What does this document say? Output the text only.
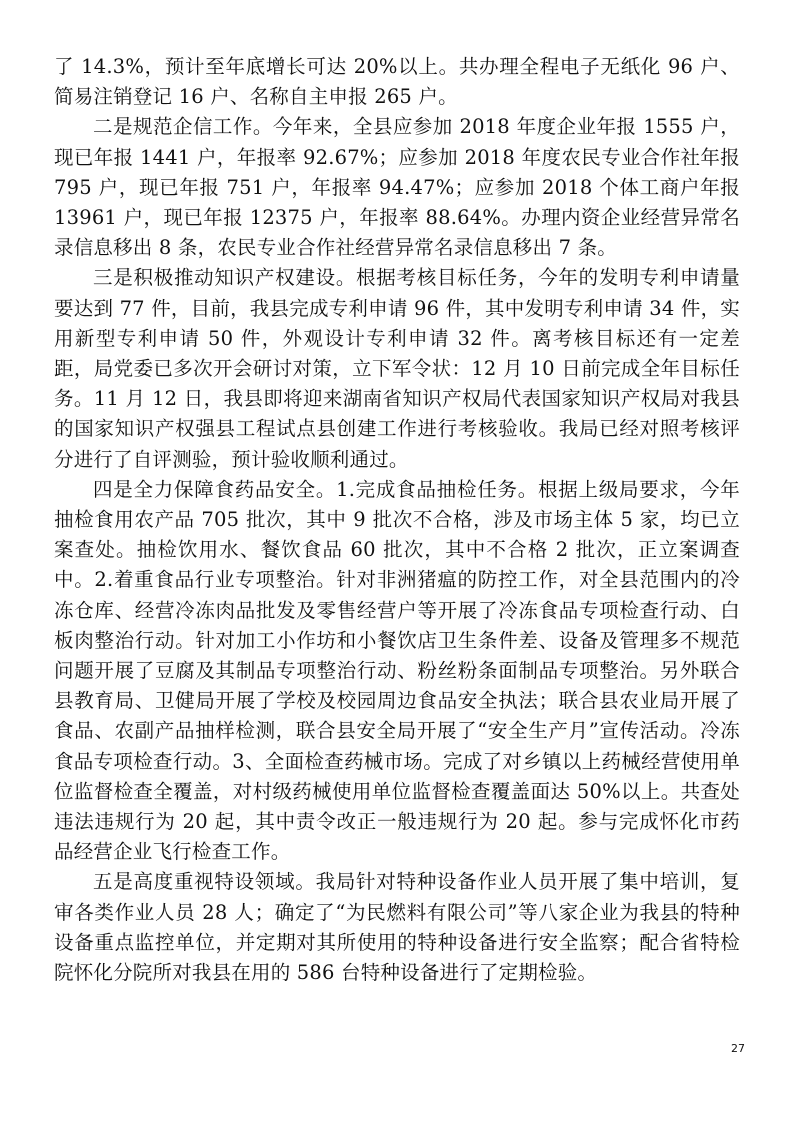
了 14.3%，预计至年底增长可达 20%以上。共办理全程电子无纸化 96 户、简易注销登记 16 户、名称自主申报 265 户。

二是规范企信工作。今年来，全县应参加 2018 年度企业年报 1555 户，现已年报 1441 户，年报率 92.67%；应参加 2018 年度农民专业合作社年报 795 户，现已年报 751 户，年报率 94.47%；应参加 2018 个体工商户年报 13961 户，现已年报 12375 户，年报率 88.64%。办理内资企业经营异常名录信息移出 8 条，农民专业合作社经营异常名录信息移出 7 条。

三是积极推动知识产权建设。根据考核目标任务，今年的发明专利申请量要达到 77 件，目前，我县完成专利申请 96 件，其中发明专利申请 34 件，实用新型专利申请 50 件，外观设计专利申请 32 件。离考核目标还有一定差距，局党委已多次开会研讨对策，立下军令状：12 月 10 日前完成全年目标任务。11 月 12 日，我县即将迎来湖南省知识产权局代表国家知识产权局对我县的国家知识产权强县工程试点县创建工作进行考核验收。我局已经对照考核评分进行了自评测验，预计验收顺利通过。

四是全力保障食药品安全。1.完成食品抽检任务。根据上级局要求，今年抽检食用农产品 705 批次，其中 9 批次不合格，涉及市场主体 5 家，均已立案查处。抽检饮用水、餐饮食品 60 批次，其中不合格 2 批次，正立案调查中。2.着重食品行业专项整治。针对非洲猪瘟的防控工作，对全县范围内的冷冻仓库、经营冷冻肉品批发及零售经营户等开展了冷冻食品专项检查行动、白板肉整治行动。针对加工小作坊和小餐饮店卫生条件差、设备及管理多不规范问题开展了豆腐及其制品专项整治行动、粉丝粉条面制品专项整治。另外联合县教育局、卫健局开展了学校及校园周边食品安全执法；联合县农业局开展了食品、农副产品抽样检测，联合县安全局开展了“安全生产月”宣传活动。冷冻食品专项检查行动。3、全面检查药械市场。完成了对乡镇以上药械经营使用单位监督检查全覆盖，对村级药械使用单位监督检查覆盖面达 50%以上。共查处违法违规行为 20 起，其中责令改正一般违规行为 20 起。参与完成怀化市药品经营企业飞行检查工作。

五是高度重视特设领域。我局针对特种设备作业人员开展了集中培训，复审各类作业人员 28 人；确定了“为民燃料有限公司”等八家企业为我县的特种设备重点监控单位，并定期对其所使用的特种设备进行安全监察；配合省特检院怀化分院所对我县在用的 586 台特种设备进行了定期检验。

27
